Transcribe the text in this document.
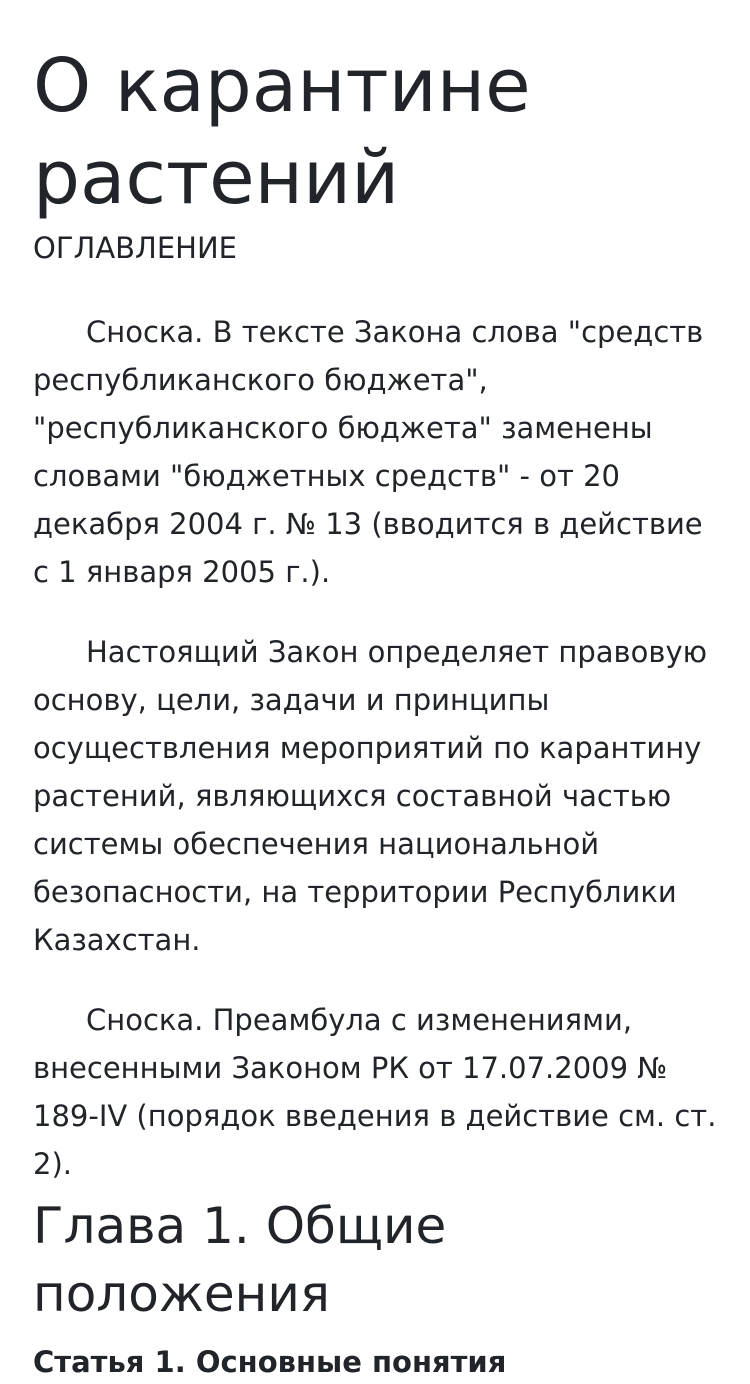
О карантине растений
ОГЛАВЛЕНИЕ

Сноска. В тексте Закона слова "средств республиканского бюджета", "республиканского бюджета" заменены словами "бюджетных средств" - от 20 декабря 2004 г. № 13 (вводится в действие с 1 января 2005 г.).

Настоящий Закон определяет правовую основу, цели, задачи и принципы осуществления мероприятий по карантину растений, являющихся составной частью системы обеспечения национальной безопасности, на территории Республики Казахстан.

Сноска. Преамбула с изменениями, внесенными Законом РК от 17.07.2009 № 189-IV (порядок введения в действие см. ст. 2).

Глава 1. Общие положения
Статья 1. Основные понятия
